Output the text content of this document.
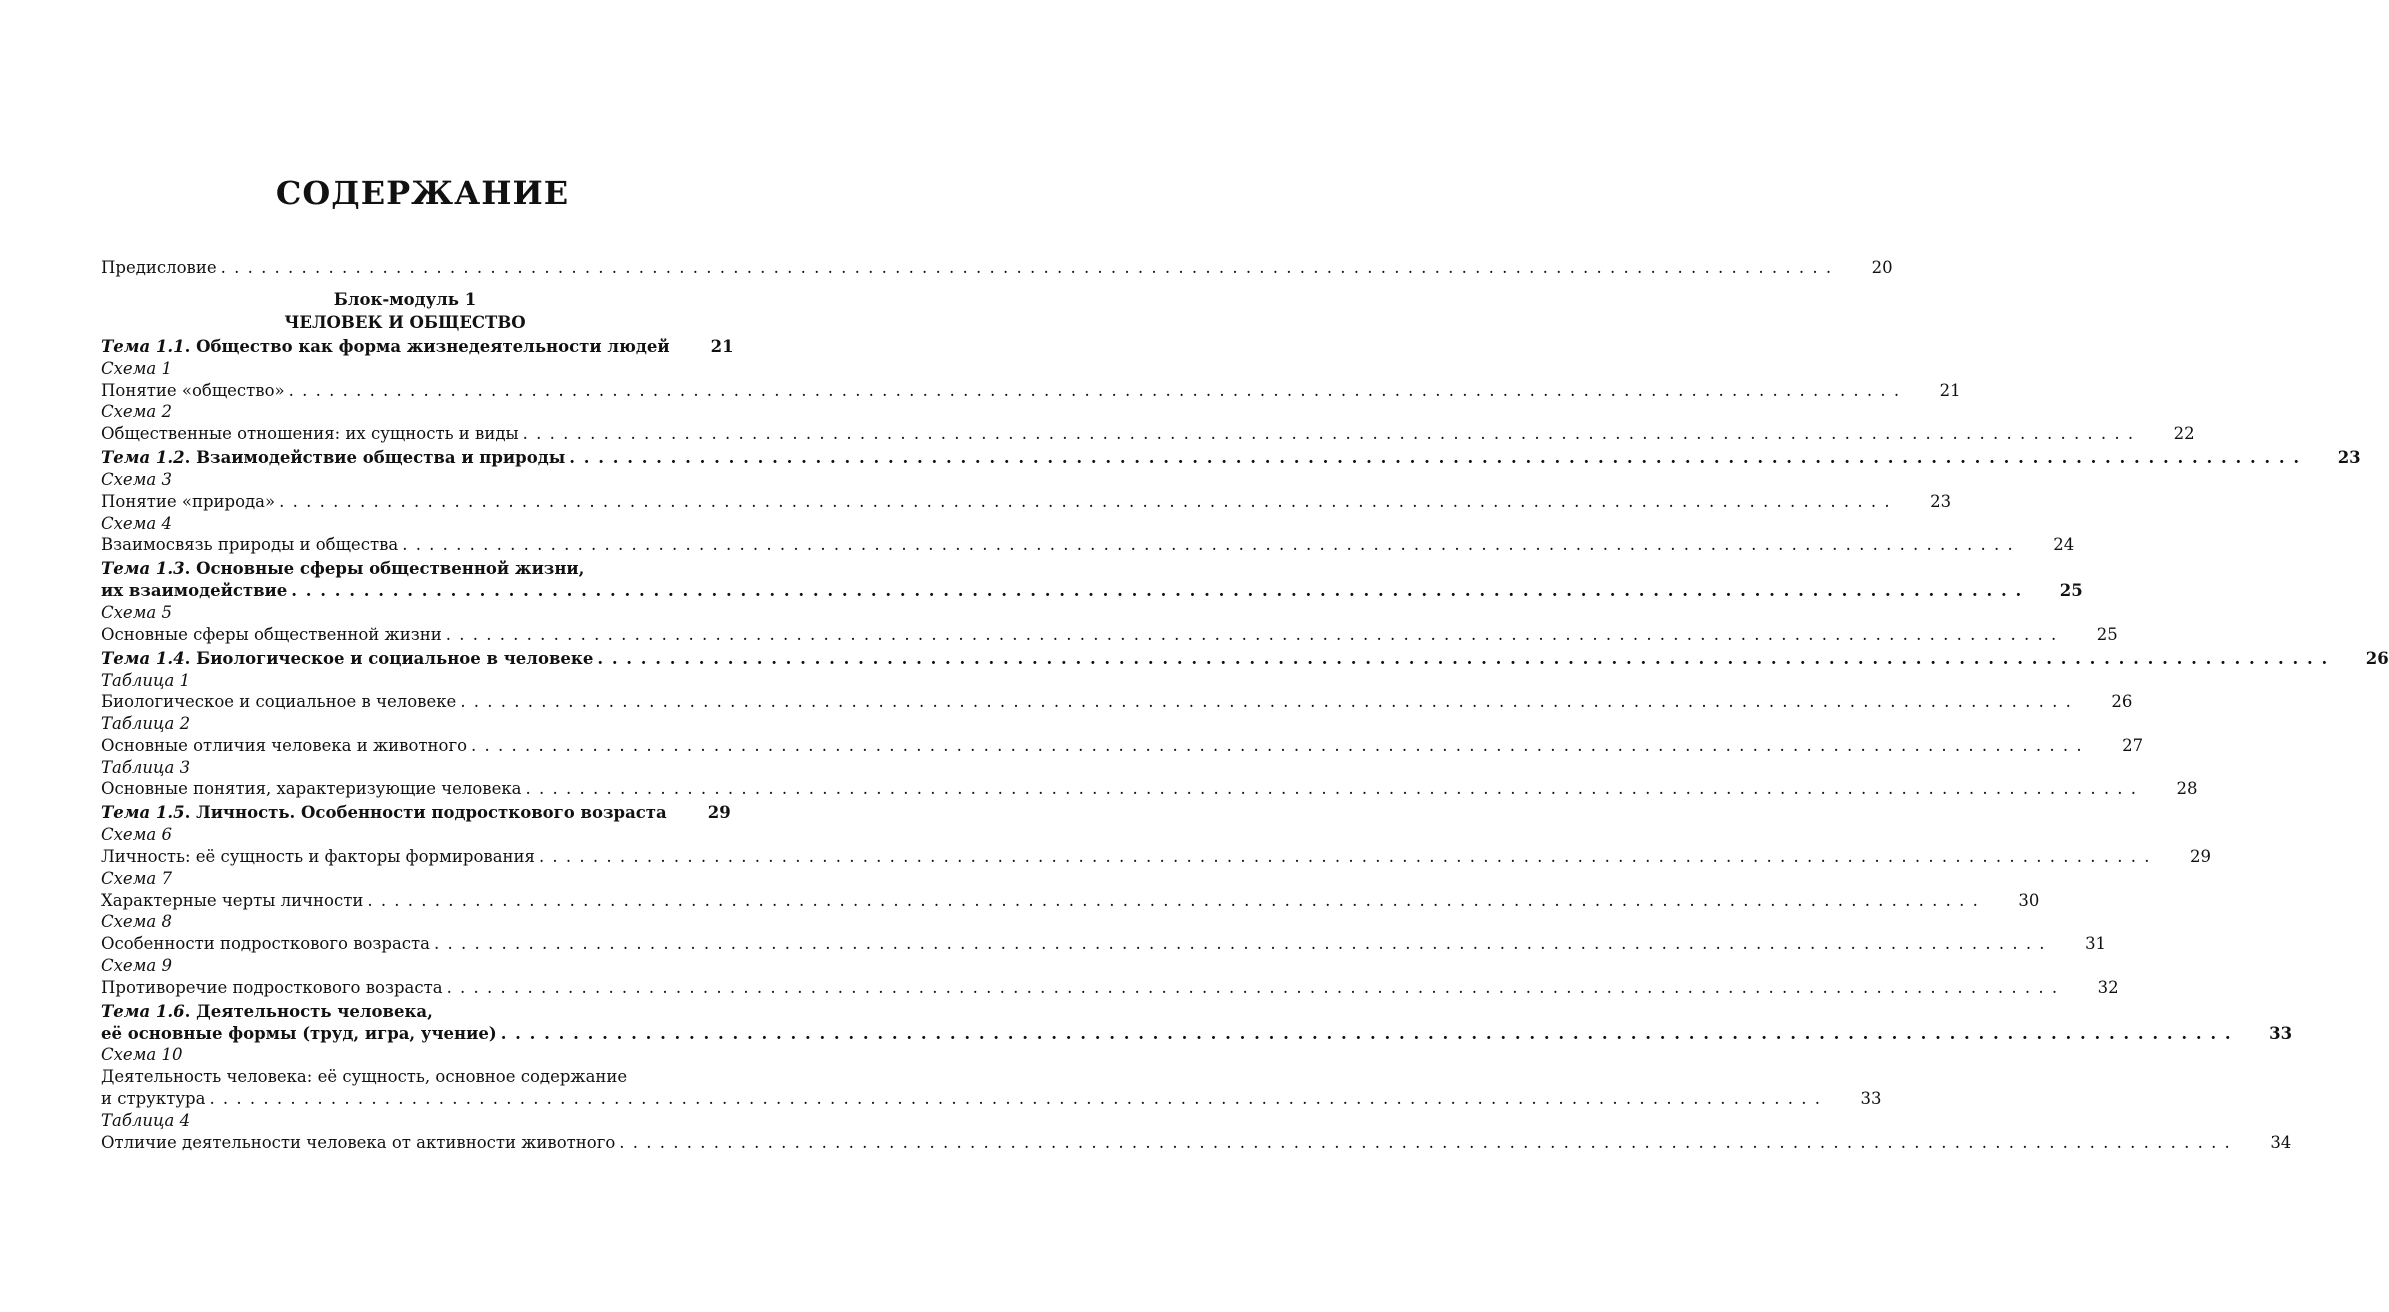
СОДЕРЖАНИЕ
Предисловие . . . . . . . . . . . . . . . . . . . . . . . . . . . . . . . . . . . . . . . . . . . . . . . . . . . . . . . . . . . . . . . . . . . . . . . . . . . . . . . . . . . . . . . . . . . . . . . . . . . . . . . . . . . . . . . . . . . . . . . .	20
Блок-модуль 1
ЧЕЛОВЕК И ОБЩЕСТВО
Тема 1.1. Общество как форма жизнедеятельности людей	21
Схема 1
Понятие «общество» . . . . . . . . . . . . . . . . . . . . . . . . . . . . . . . . . . . . . . . . . . . . . . . . . . . . . . . . . . . . . . . . . . . . . . . . . . . . . . . . . . . . . . . . . . . . . . . . . . . . . . . . . . . . . . . . . . . . . . . .	21
Схема 2
Общественные отношения: их сущность и виды . . . . . . . . . . . . . . . . . . . . . . . . . . . . . . . . . . . . . . . . . . . . . . . . . . . . . . . . . . . . . . . . . . . . . . . . . . . . . . . . . . . . . . . . . . . . . . . . . . . . . . . . . . . . . . . . . . . . . . . .	22
Тема 1.2. Взаимодействие общества и природы . . . . . . . . . . . . . . . . . . . . . . . . . . . . . . . . . . . . . . . . . . . . . . . . . . . . . . . . . . . . . . . . . . . . . . . . . . . . . . . . . . . . . . . . . . . . . . . . . . . . . . . . . . . . . . . . . . . . . . . .	23
Схема 3
Понятие «природа» . . . . . . . . . . . . . . . . . . . . . . . . . . . . . . . . . . . . . . . . . . . . . . . . . . . . . . . . . . . . . . . . . . . . . . . . . . . . . . . . . . . . . . . . . . . . . . . . . . . . . . . . . . . . . . . . . . . . . . . .	23
Схема 4
Взаимосвязь природы и общества . . . . . . . . . . . . . . . . . . . . . . . . . . . . . . . . . . . . . . . . . . . . . . . . . . . . . . . . . . . . . . . . . . . . . . . . . . . . . . . . . . . . . . . . . . . . . . . . . . . . . . . . . . . . . . . . . . . . . . . .	24
Тема 1.3. Основные сферы общественной жизни,
их взаимодействие . . . . . . . . . . . . . . . . . . . . . . . . . . . . . . . . . . . . . . . . . . . . . . . . . . . . . . . . . . . . . . . . . . . . . . . . . . . . . . . . . . . . . . . . . . . . . . . . . . . . . . . . . . . . . . . . . . . . . . . .	25
Схема 5
Основные сферы общественной жизни . . . . . . . . . . . . . . . . . . . . . . . . . . . . . . . . . . . . . . . . . . . . . . . . . . . . . . . . . . . . . . . . . . . . . . . . . . . . . . . . . . . . . . . . . . . . . . . . . . . . . . . . . . . . . . . . . . . . . . . .	25
Тема 1.4. Биологическое и социальное в человеке . . . . . . . . . . . . . . . . . . . . . . . . . . . . . . . . . . . . . . . . . . . . . . . . . . . . . . . . . . . . . . . . . . . . . . . . . . . . . . . . . . . . . . . . . . . . . . . . . . . . . . . . . . . . . . . . . . . . . . . .	26
Таблица 1
Биологическое и социальное в человеке . . . . . . . . . . . . . . . . . . . . . . . . . . . . . . . . . . . . . . . . . . . . . . . . . . . . . . . . . . . . . . . . . . . . . . . . . . . . . . . . . . . . . . . . . . . . . . . . . . . . . . . . . . . . . . . . . . . . . . . .	26
Таблица 2
Основные отличия человека и животного . . . . . . . . . . . . . . . . . . . . . . . . . . . . . . . . . . . . . . . . . . . . . . . . . . . . . . . . . . . . . . . . . . . . . . . . . . . . . . . . . . . . . . . . . . . . . . . . . . . . . . . . . . . . . . . . . . . . . . . .	27
Таблица 3
Основные понятия, характеризующие человека . . . . . . . . . . . . . . . . . . . . . . . . . . . . . . . . . . . . . . . . . . . . . . . . . . . . . . . . . . . . . . . . . . . . . . . . . . . . . . . . . . . . . . . . . . . . . . . . . . . . . . . . . . . . . . . . . . . . . . . .	28
Тема 1.5. Личность. Особенности подросткового возраста	29
Схема 6
Личность: её сущность и факторы формирования . . . . . . . . . . . . . . . . . . . . . . . . . . . . . . . . . . . . . . . . . . . . . . . . . . . . . . . . . . . . . . . . . . . . . . . . . . . . . . . . . . . . . . . . . . . . . . . . . . . . . . . . . . . . . . . . . . . . . . . .	29
Схема 7
Характерные черты личности . . . . . . . . . . . . . . . . . . . . . . . . . . . . . . . . . . . . . . . . . . . . . . . . . . . . . . . . . . . . . . . . . . . . . . . . . . . . . . . . . . . . . . . . . . . . . . . . . . . . . . . . . . . . . . . . . . . . . . . .	30
Схема 8
Особенности подросткового возраста . . . . . . . . . . . . . . . . . . . . . . . . . . . . . . . . . . . . . . . . . . . . . . . . . . . . . . . . . . . . . . . . . . . . . . . . . . . . . . . . . . . . . . . . . . . . . . . . . . . . . . . . . . . . . . . . . . . . . . . .	31
Схема 9
Противоречие подросткового возраста . . . . . . . . . . . . . . . . . . . . . . . . . . . . . . . . . . . . . . . . . . . . . . . . . . . . . . . . . . . . . . . . . . . . . . . . . . . . . . . . . . . . . . . . . . . . . . . . . . . . . . . . . . . . . . . . . . . . . . . .	32
Тема 1.6. Деятельность человека,
её основные формы (труд, игра, учение) . . . . . . . . . . . . . . . . . . . . . . . . . . . . . . . . . . . . . . . . . . . . . . . . . . . . . . . . . . . . . . . . . . . . . . . . . . . . . . . . . . . . . . . . . . . . . . . . . . . . . . . . . . . . . . . . . . . . . . . .	33
Схема 10
Деятельность человека: её сущность, основное содержание
и структура . . . . . . . . . . . . . . . . . . . . . . . . . . . . . . . . . . . . . . . . . . . . . . . . . . . . . . . . . . . . . . . . . . . . . . . . . . . . . . . . . . . . . . . . . . . . . . . . . . . . . . . . . . . . . . . . . . . . . . . .	33
Таблица 4
Отличие деятельности человека от активности животного . . . . . . . . . . . . . . . . . . . . . . . . . . . . . . . . . . . . . . . . . . . . . . . . . . . . . . . . . . . . . . . . . . . . . . . . . . . . . . . . . . . . . . . . . . . . . . . . . . . . . . . . . . . . . . . . . . . . . . . .	34
